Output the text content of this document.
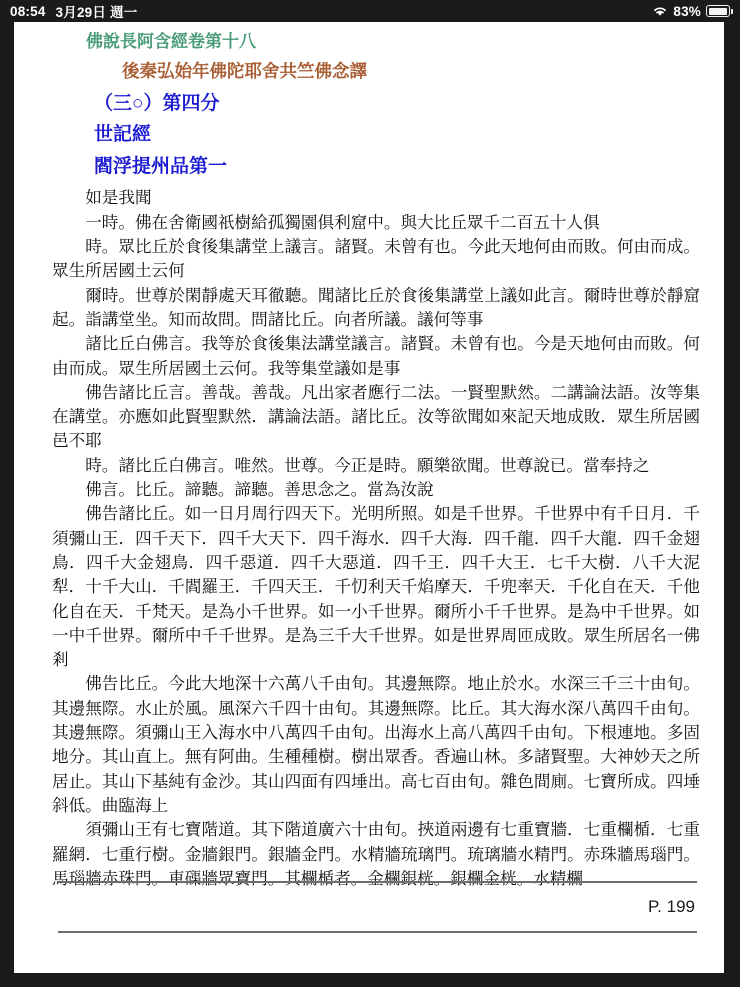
08:54 3月29日 週一	83%
佛說長阿含經卷第十八
後秦弘始年佛陀耶舍共竺佛念譯
（三○）第四分
世記經
閻浮提州品第一

如是我聞

一時。佛在舍衛國祇樹給孤獨園俱利窟中。與大比丘眾千二百五十人俱

時。眾比丘於食後集講堂上議言。諸賢。未曾有也。今此天地何由而敗。何由而成。眾生所居國土云何

爾時。世尊於閑靜處天耳徹聽。聞諸比丘於食後集講堂上議如此言。爾時世尊於靜窟起。詣講堂坐。知而故問。問諸比丘。向者所議。議何等事

諸比丘白佛言。我等於食後集法講堂議言。諸賢。未曾有也。今是天地何由而敗。何由而成。眾生所居國土云何。我等集堂議如是事

佛告諸比丘言。善哉。善哉。凡出家者應行二法。一賢聖默然。二講論法語。汝等集在講堂。亦應如此賢聖默然．講論法語。諸比丘。汝等欲聞如來記天地成敗．眾生所居國邑不耶

時。諸比丘白佛言。唯然。世尊。今正是時。願樂欲聞。世尊說已。當奉持之

佛言。比丘。諦聽。諦聽。善思念之。當為汝說

佛告諸比丘。如一日月周行四天下。光明所照。如是千世界。千世界中有千日月．千須彌山王．四千天下．四千大天下．四千海水．四千大海．四千龍．四千大龍．四千金翅鳥．四千大金翅鳥．四千惡道．四千大惡道．四千王．四千大王．七千大樹．八千大泥犁．十千大山．千閻羅王．千四天王．千忉利天千焰摩天．千兜率天．千化自在天．千他化自在天．千梵天。是為小千世界。如一小千世界。爾所小千千世界。是為中千世界。如一中千世界。爾所中千千世界。是為三千大千世界。如是世界周匝成敗。眾生所居名一佛剎

佛告比丘。今此大地深十六萬八千由旬。其邊無際。地止於水。水深三千三十由旬。其邊無際。水止於風。風深六千四十由旬。其邊無際。比丘。其大海水深八萬四千由旬。其邊無際。須彌山王入海水中八萬四千由旬。出海水上高八萬四千由旬。下根連地。多固地分。其山直上。無有阿曲。生種種樹。樹出眾香。香遍山林。多諸賢聖。大神妙天之所居止。其山下基純有金沙。其山四面有四埵出。高七百由旬。雜色間廁。七寶所成。四埵斜低。曲臨海上

須彌山王有七寶階道。其下階道廣六十由旬。挾道兩邊有七重寶牆．七重欄楯．七重羅網．七重行樹。金牆銀門。銀牆金門。水精牆琉璃門。琉璃牆水精門。赤珠牆馬瑙門。馬瑙牆赤珠門。車磲牆眾寶門。其欄楯者。金欄銀桄。銀欄金桄。水精欄

P. 199
